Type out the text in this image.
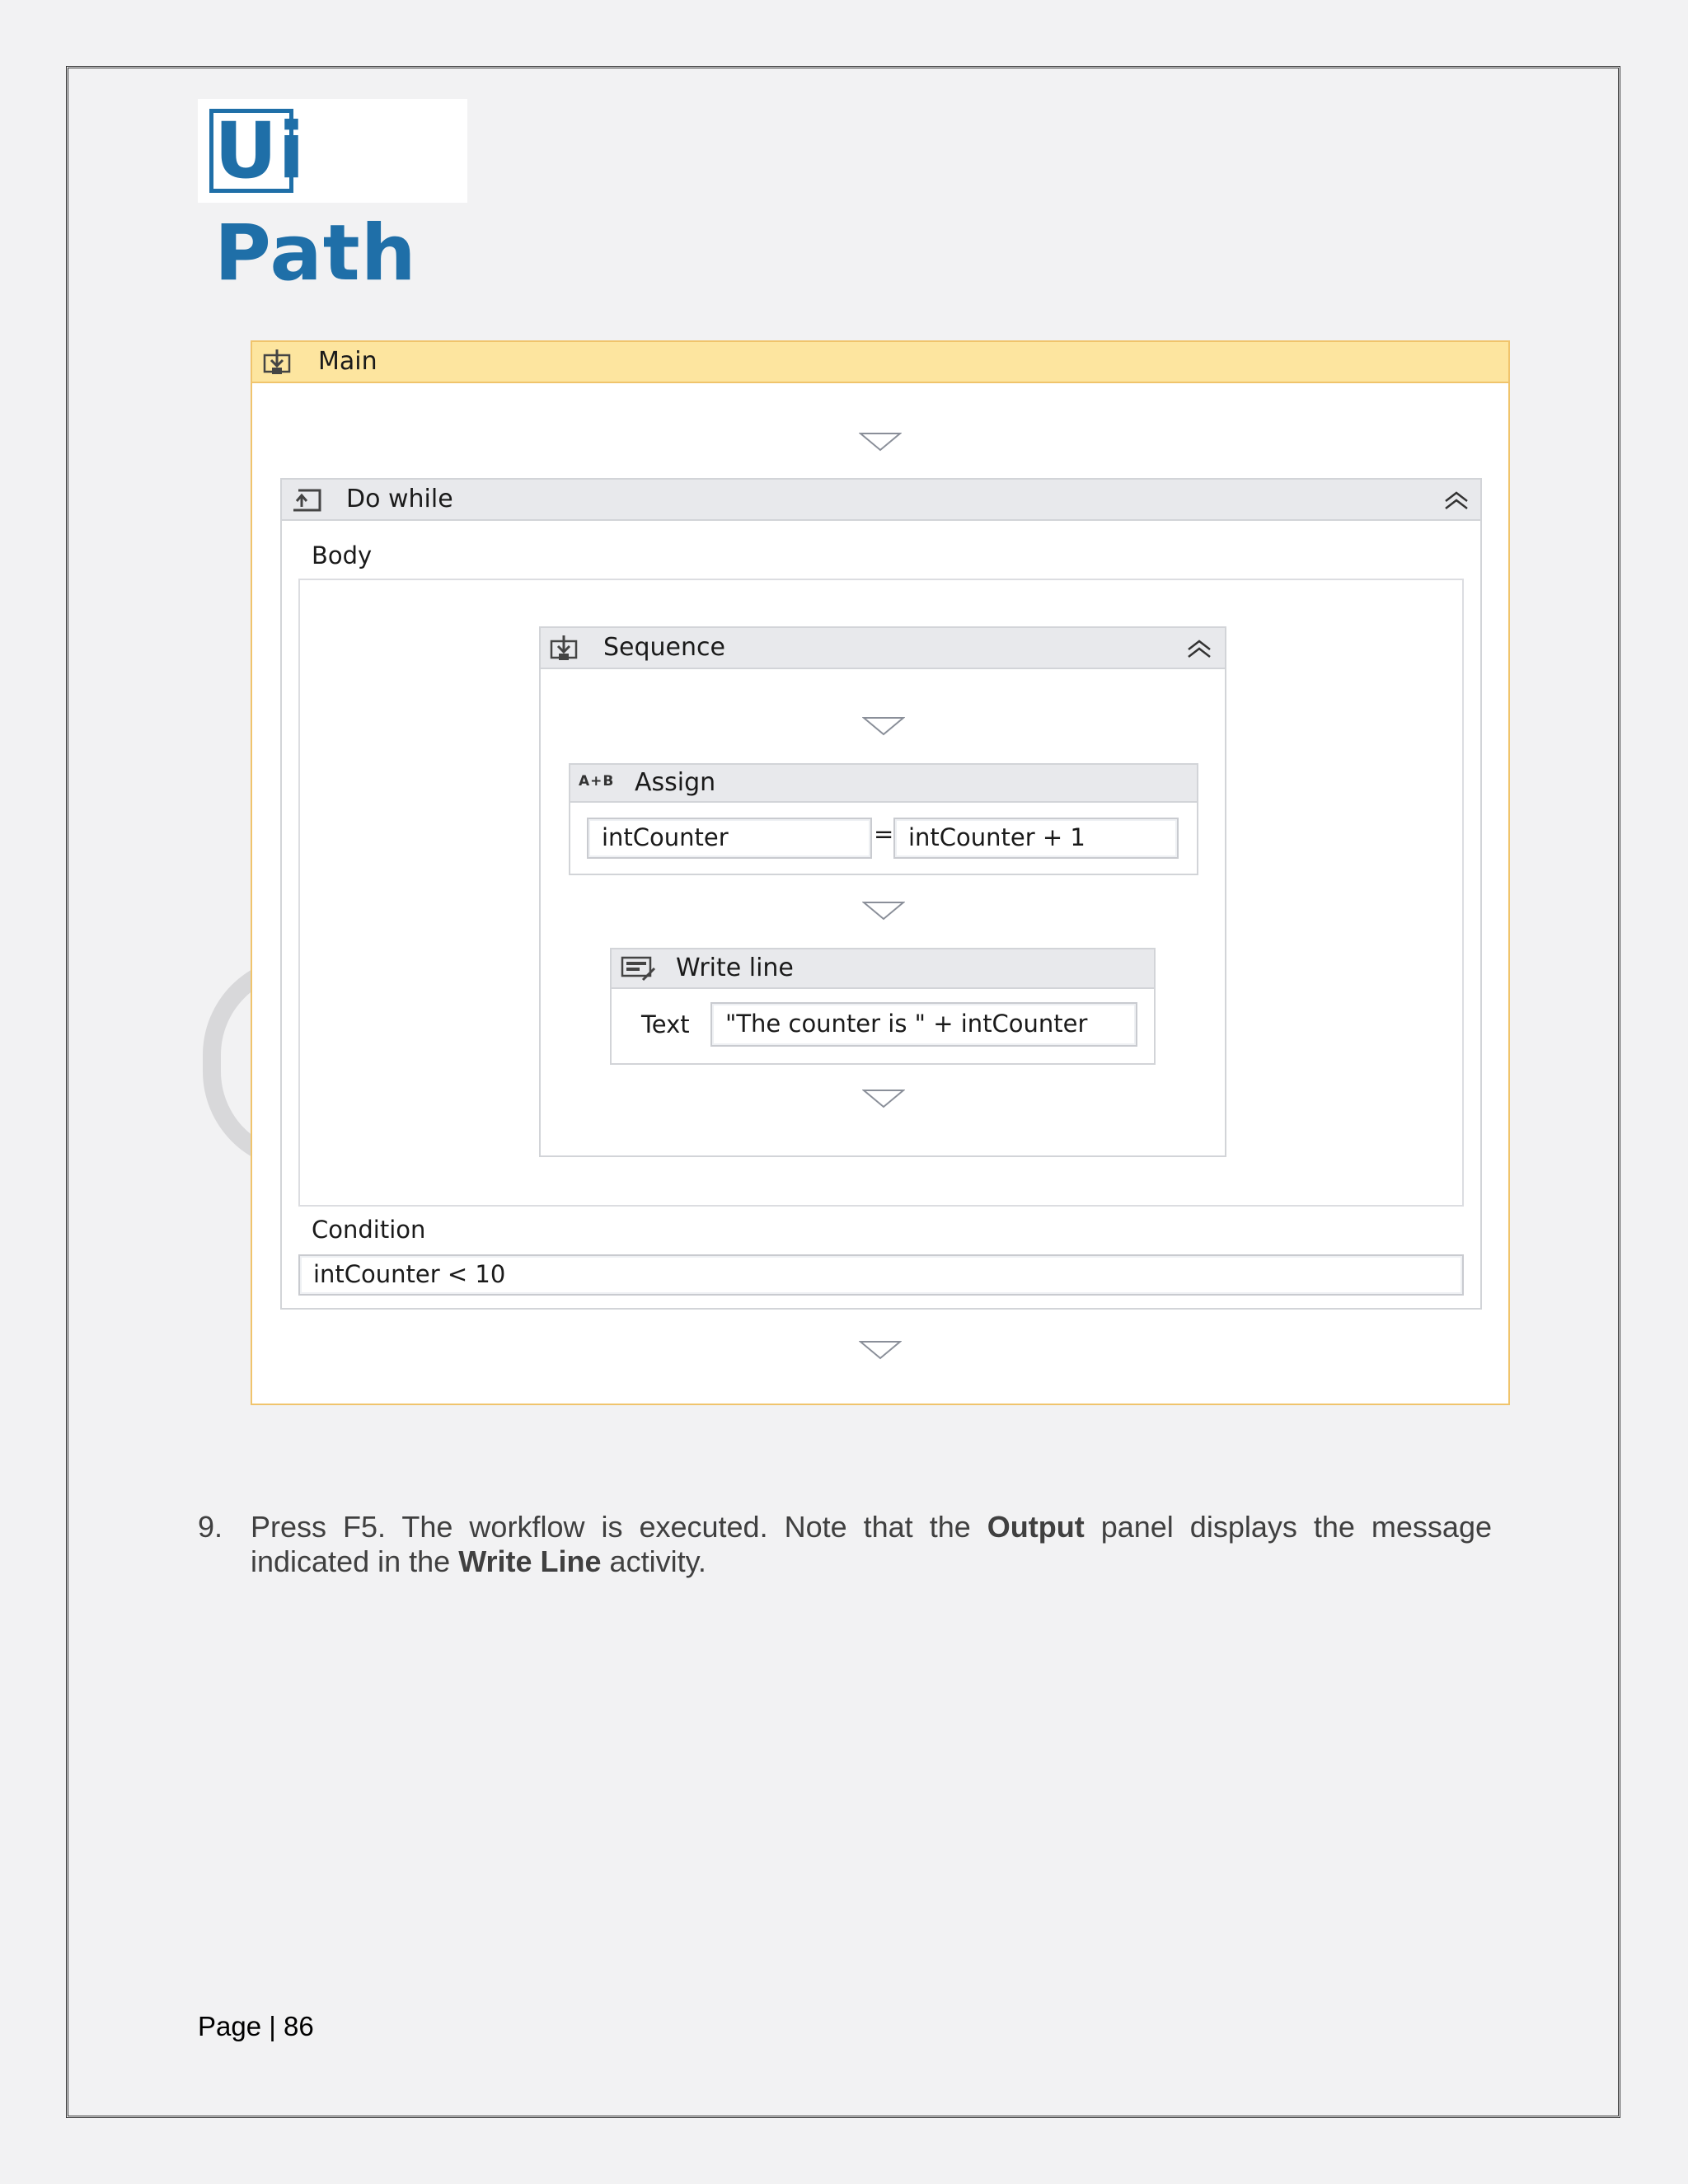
UiPath
Main
Do while
Body
Sequence
A+B Assign
intCounter	= intCounter + 1
Write line
Text	"The counter is " + intCounter
Condition
intCounter < 10
9. Press F5. The workflow is executed. Note that the Output panel displays the message
indicated in the Write Line activity.
Page | 86
